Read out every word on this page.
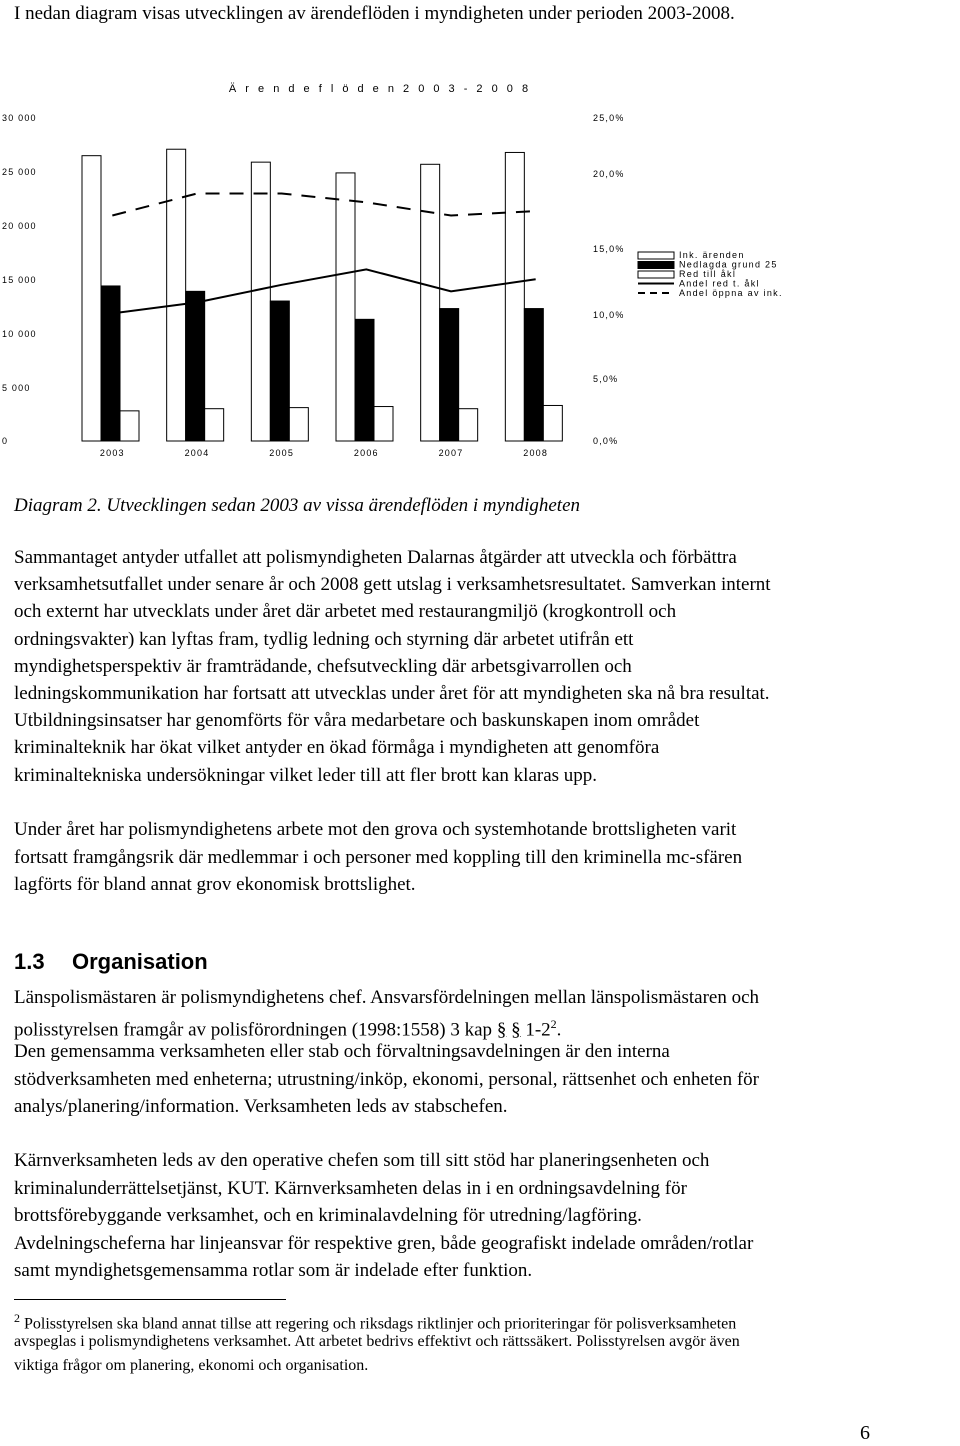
I nedan diagram visas utvecklingen av ärendeflöden i myndigheten under perioden 2003-2008.
Ä r e n d e f l ö d e n 2 0 0 3 - 2 0 0 8
30 000
25 000
20 000
15 000
10 000
5 000
0
25,0%
20,0%
15,0%
10,0%
5,0%
0,0%
2003	2004	2005	2006	2007	2008
Ink. ärenden
Nedlagda grund 25
Red till åkl
Andel red t. åkl
Andel öppna av ink.
Diagram 2. Utvecklingen sedan 2003 av vissa ärendeflöden i myndigheten
Sammantaget antyder utfallet att polismyndigheten Dalarnas åtgärder att utveckla och förbättra
verksamhetsutfallet under senare år och 2008 gett utslag i verksamhetsresultatet. Samverkan internt
och externt har utvecklats under året där arbetet med restaurangmiljö (krogkontroll och
ordningsvakter) kan lyftas fram, tydlig ledning och styrning där arbetet utifrån ett
myndighetsperspektiv är framträdande, chefsutveckling där arbetsgivarrollen och
ledningskommunikation har fortsatt att utvecklas under året för att myndigheten ska nå bra resultat.
Utbildningsinsatser har genomförts för våra medarbetare och baskunskapen inom området
kriminalteknik har ökat vilket antyder en ökad förmåga i myndigheten att genomföra
kriminaltekniska undersökningar vilket leder till att fler brott kan klaras upp.
Under året har polismyndighetens arbete mot den grova och systemhotande brottsligheten varit
fortsatt framgångsrik där medlemmar i och personer med koppling till den kriminella mc-sfären
lagförts för bland annat grov ekonomisk brottslighet.
1.3 Organisation
Länspolismästaren är polismyndighetens chef. Ansvarsfördelningen mellan länspolismästaren och
polisstyrelsen framgår av polisförordningen (1998:1558) 3 kap § § $1-2^2$.
Den gemensamma verksamheten eller stab och förvaltningsavdelningen är den interna
stödverksamheten med enheterna; utrustning/inköp, ekonomi, personal, rättsenhet och enheten för
analys/planering/information. Verksamheten leds av stabschefen.
Kärnverksamheten leds av den operative chefen som till sitt stöd har planeringsenheten och
kriminalunderrättelsetjänst, KUT. Kärnverksamheten delas in i en ordningsavdelning för
brottsförebyggande verksamhet, och en kriminalavdelning för utredning/lagföring.
Avdelningscheferna har linjeansvar för respektive gren, både geografiskt indelade områden/rotlar
samt myndighetsgemensamma rotlar som är indelade efter funktion.
$^2$ Polisstyrelsen ska bland annat tillse att regering och riksdags riktlinjer och prioriteringar för polisverksamheten
avspeglas i polismyndighetens verksamhet. Att arbetet bedrivs effektivt och rättssäkert. Polisstyrelsen avgör även
viktiga frågor om planering, ekonomi och organisation.
6
